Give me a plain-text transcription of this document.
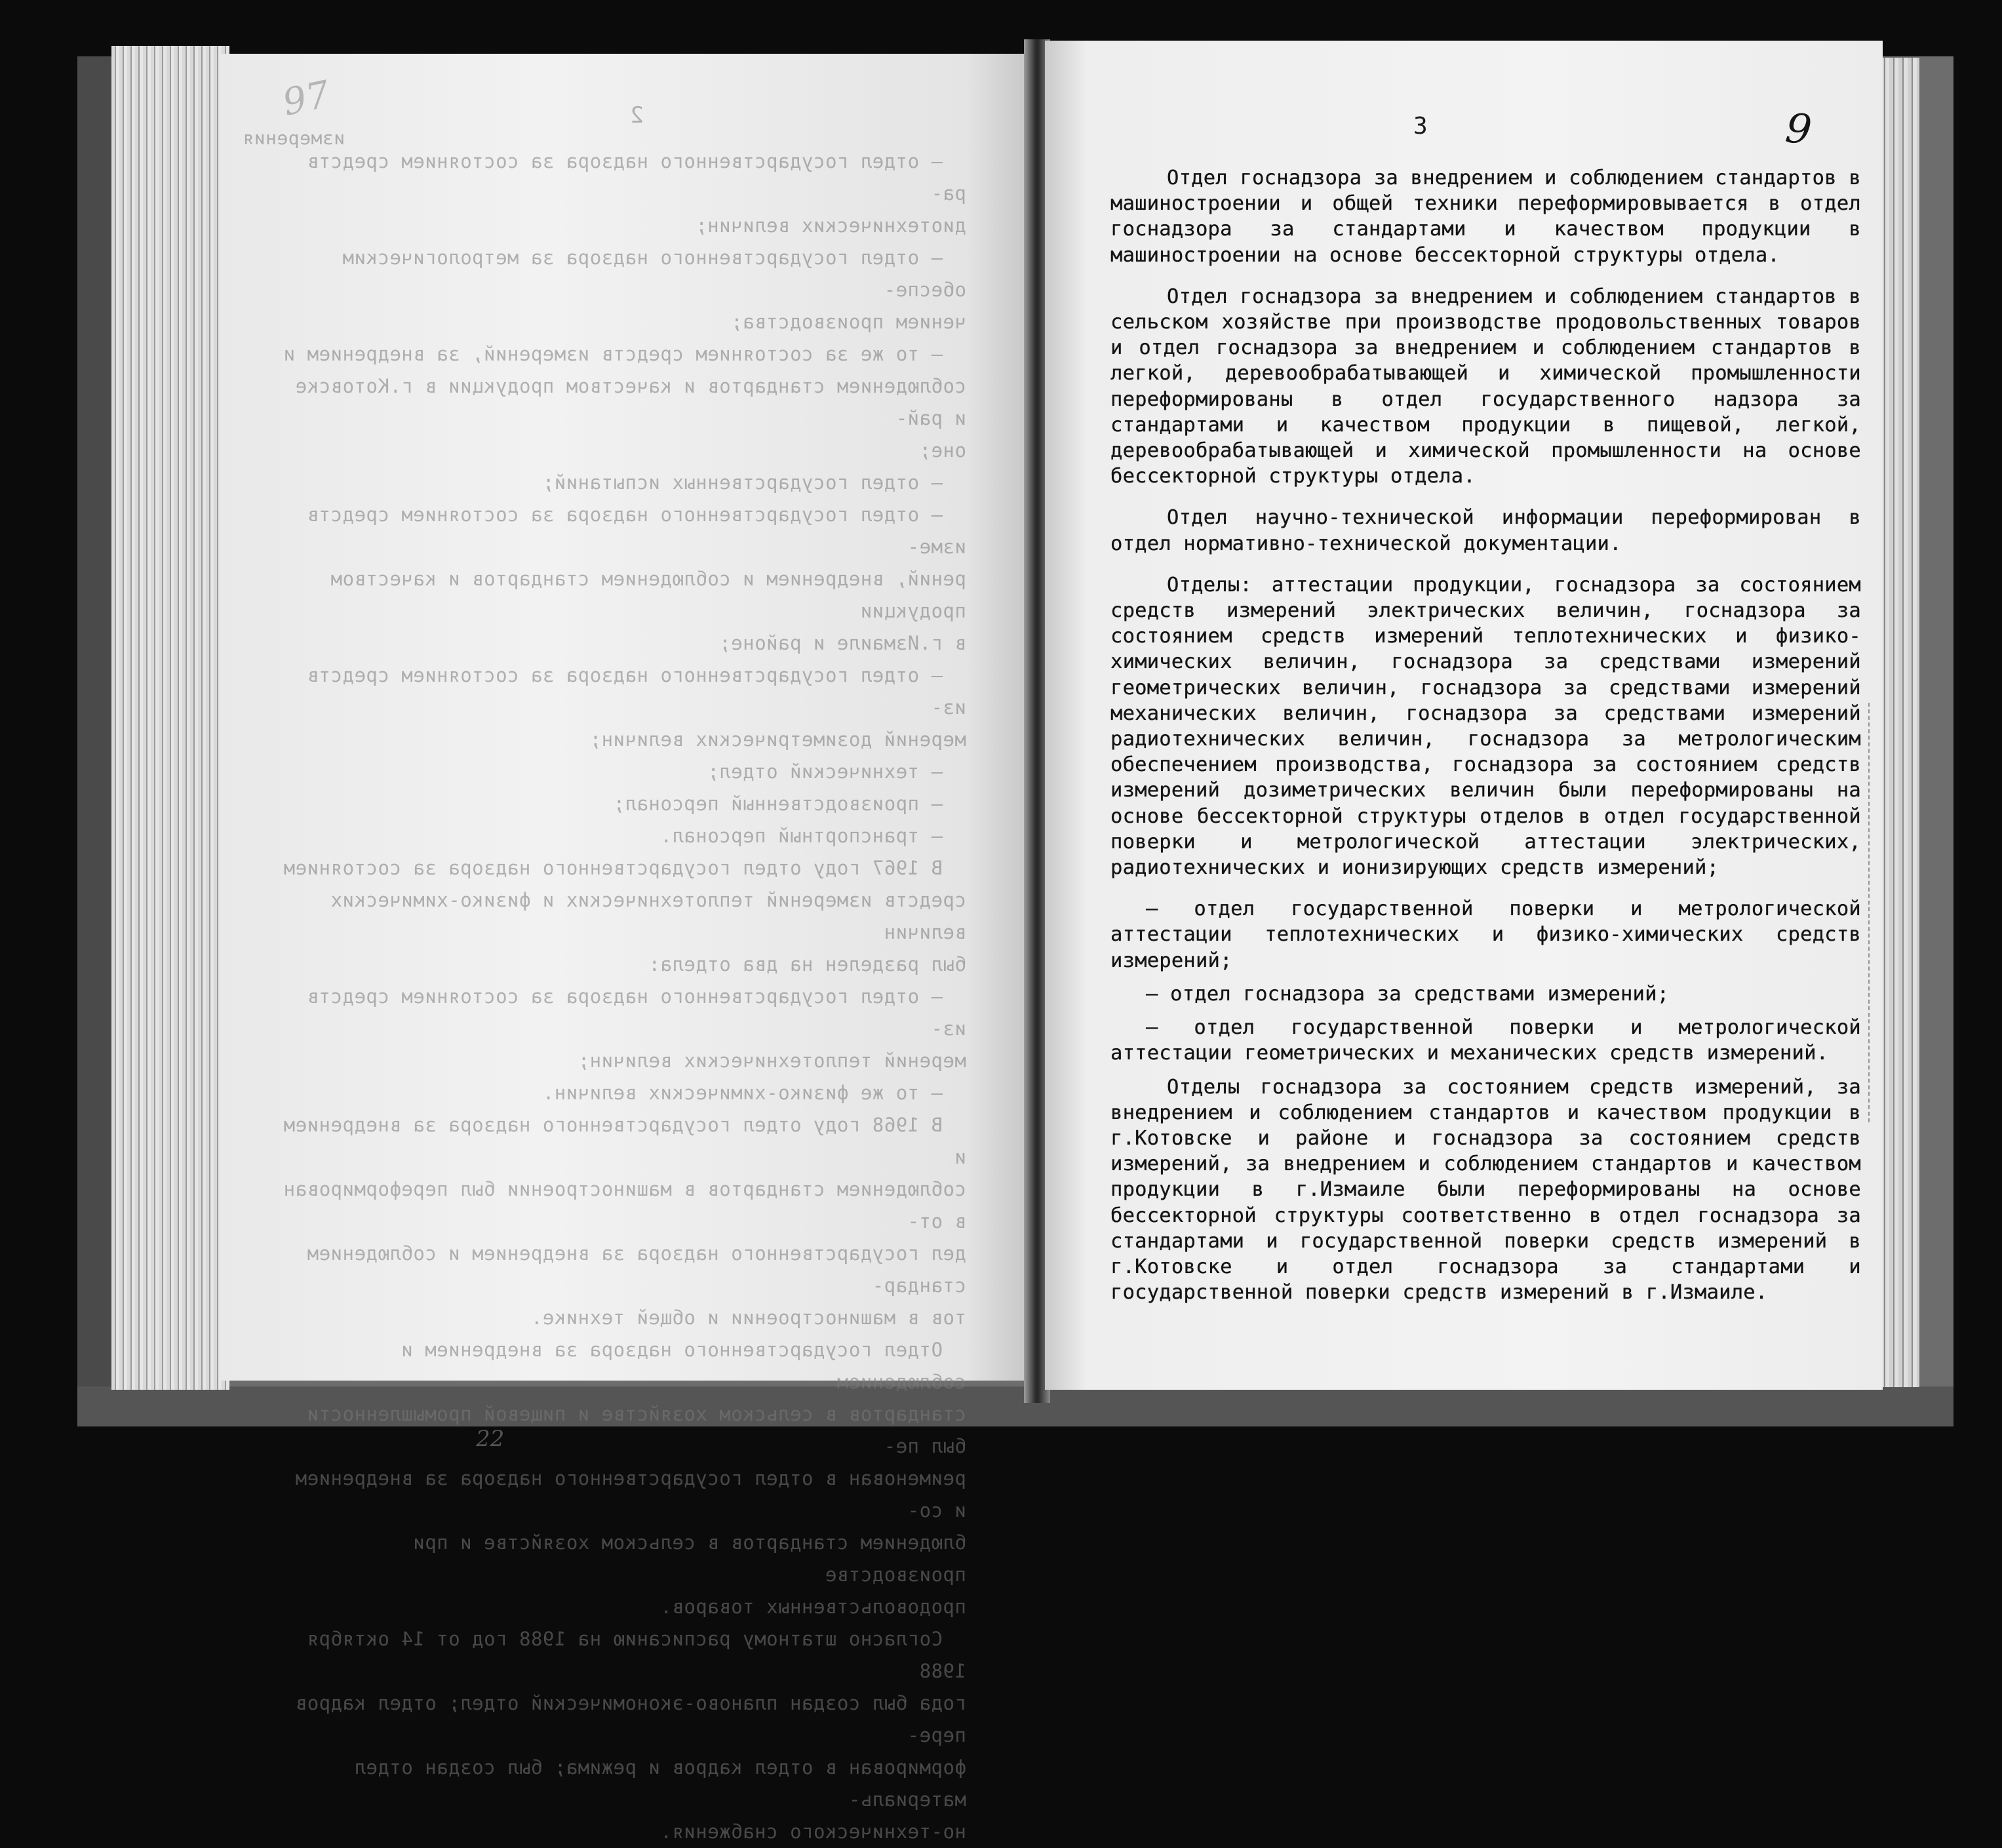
97	2
измерения
– отдел государственного надзора за состоянием средств ра-
диотехнических величин;
– отдел государственного надзора за метрологическим обеспе-
чением производства;
– то же за состоянием средств измерений, за внедрением и
соблюдением стандартов и качеством продукции в г.Котовске и рай-
оне;
– отдел государственных испытаний;
– отдел государственного надзора за состоянием средств изме-
рений, внедрением и соблюдением стандартов и качеством продукции
в г.Измаиле и районе;
– отдел государственного надзора за состоянием средств из-
мерений дозиметрических величин;
– технический отдел;
– производственный персонал;
– транспортный персонал.
В 1967 году отдел государственного надзора за состоянием
средств измерений теплотехнических и физико-химических величин
был разделен на два отдела:
– отдел государственного надзора за состоянием средств из-
мерений теплотехнических величин;
– то же физико-химических величин.
В 1968 году отдел государственного надзора за внедрением и
соблюдением стандартов в машиностроении был переформирован в от-
дел государственного надзора за внедрением и соблюдением стандар-
тов в машиностроении и общей технике.
Отдел государственного надзора за внедрением и соблюдением
стандартов в сельском хозяйстве и пищевой промышленности был пе-
реименован в отдел государственного надзора за внедрением и со-
блюдением стандартов в сельском хозяйстве и при производстве
продовольственных товаров.
Согласно штатному расписанию на 1988 год от 14 октября 1988
года был создан планово-экономический отдел; отдел кадров пере-
формирован в отдел кадров и режима; был создан отдел материаль-
но-технического снабжения.
3	9

Отдел госнадзора за внедрением и соблюдением стандартов в машиностроении и общей техники переформировывается в отдел госнадзора за стандартами и качеством продукции в машиностроении на основе бессекторной структуры отдела.

Отдел госнадзора за внедрением и соблюдением стандартов в сельском хозяйстве при производстве продовольственных товаров и отдел госнадзора за внедрением и соблюдением стандартов в легкой, деревообрабатывающей и химической промышленности переформированы в отдел государственного надзора за стандартами и качеством продукции в пищевой, легкой, деревообрабатывающей и химической промышленности на основе бессекторной структуры отдела.

Отдел научно-технической информации переформирован в отдел нормативно-технической документации.

Отделы: аттестации продукции, госнадзора за состоянием средств измерений электрических величин, госнадзора за состоянием средств измерений теплотехнических и физико-химических величин, госнадзора за средствами измерений геометрических величин, госнадзора за средствами измерений механических величин, госнадзора за средствами измерений радиотехнических величин, госнадзора за метрологическим обеспечением производства, госнадзора за состоянием средств измерений дозиметрических величин были переформированы на основе бессекторной структуры отделов в отдел государственной поверки и метрологической аттестации электрических, радиотехнических и ионизирующих средств измерений;

– отдел государственной поверки и метрологической аттестации теплотехнических и физико-химических средств измерений;

– отдел госнадзора за средствами измерений;

– отдел государственной поверки и метрологической аттестации геометрических и механических средств измерений.

Отделы госнадзора за состоянием средств измерений, за внедрением и соблюдением стандартов и качеством продукции в г.Котовске и районе и госнадзора за состоянием средств измерений, за внедрением и соблюдением стандартов и качеством продукции в г.Измаиле были переформированы на основе бессекторной структуры соответственно в отдел госнадзора за стандартами и государственной поверки средств измерений в г.Котовске и отдел госнадзора за стандартами и государственной поверки средств измерений в г.Измаиле.

22
